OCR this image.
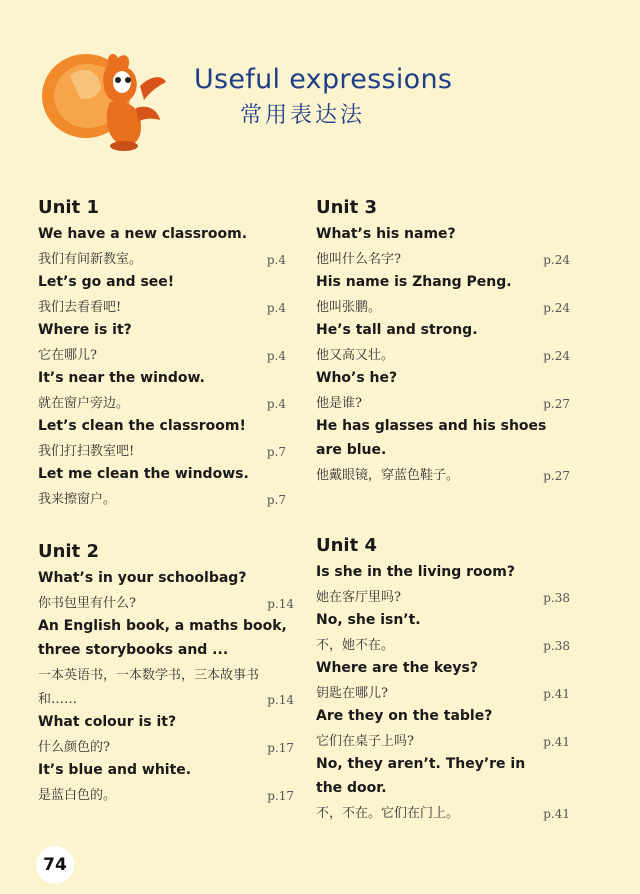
Useful expressions
常用表达法
Unit 1
We have a new classroom.
我们有间新教室。	p.4
Let’s go and see!
我们去看看吧!	p.4
Where is it?
它在哪儿?	p.4
It’s near the window.
就在窗户旁边。	p.4
Let’s clean the classroom!
我们打扫教室吧!	p.7
Let me clean the windows.
我来擦窗户。	p.7
Unit 2
What’s in your schoolbag?
你书包里有什么?	p.14
An English book, a maths book,
three storybooks and ...
一本英语书，一本数学书，三本故事书
和……	p.14
What colour is it?
什么颜色的?	p.17
It’s blue and white.
是蓝白色的。	p.17
Unit 3
What’s his name?
他叫什么名字?	p.24
His name is Zhang Peng.
他叫张鹏。	p.24
He’s tall and strong.
他又高又壮。	p.24
Who’s he?
他是谁?	p.27
He has glasses and his shoes
are blue.
他戴眼镜，穿蓝色鞋子。	p.27
Unit 4
Is she in the living room?
她在客厅里吗?	p.38
No, she isn’t.
不，她不在。	p.38
Where are the keys?
钥匙在哪儿?	p.41
Are they on the table?
它们在桌子上吗?	p.41
No, they aren’t. They’re in
the door.
不，不在。它们在门上。	p.41
74
